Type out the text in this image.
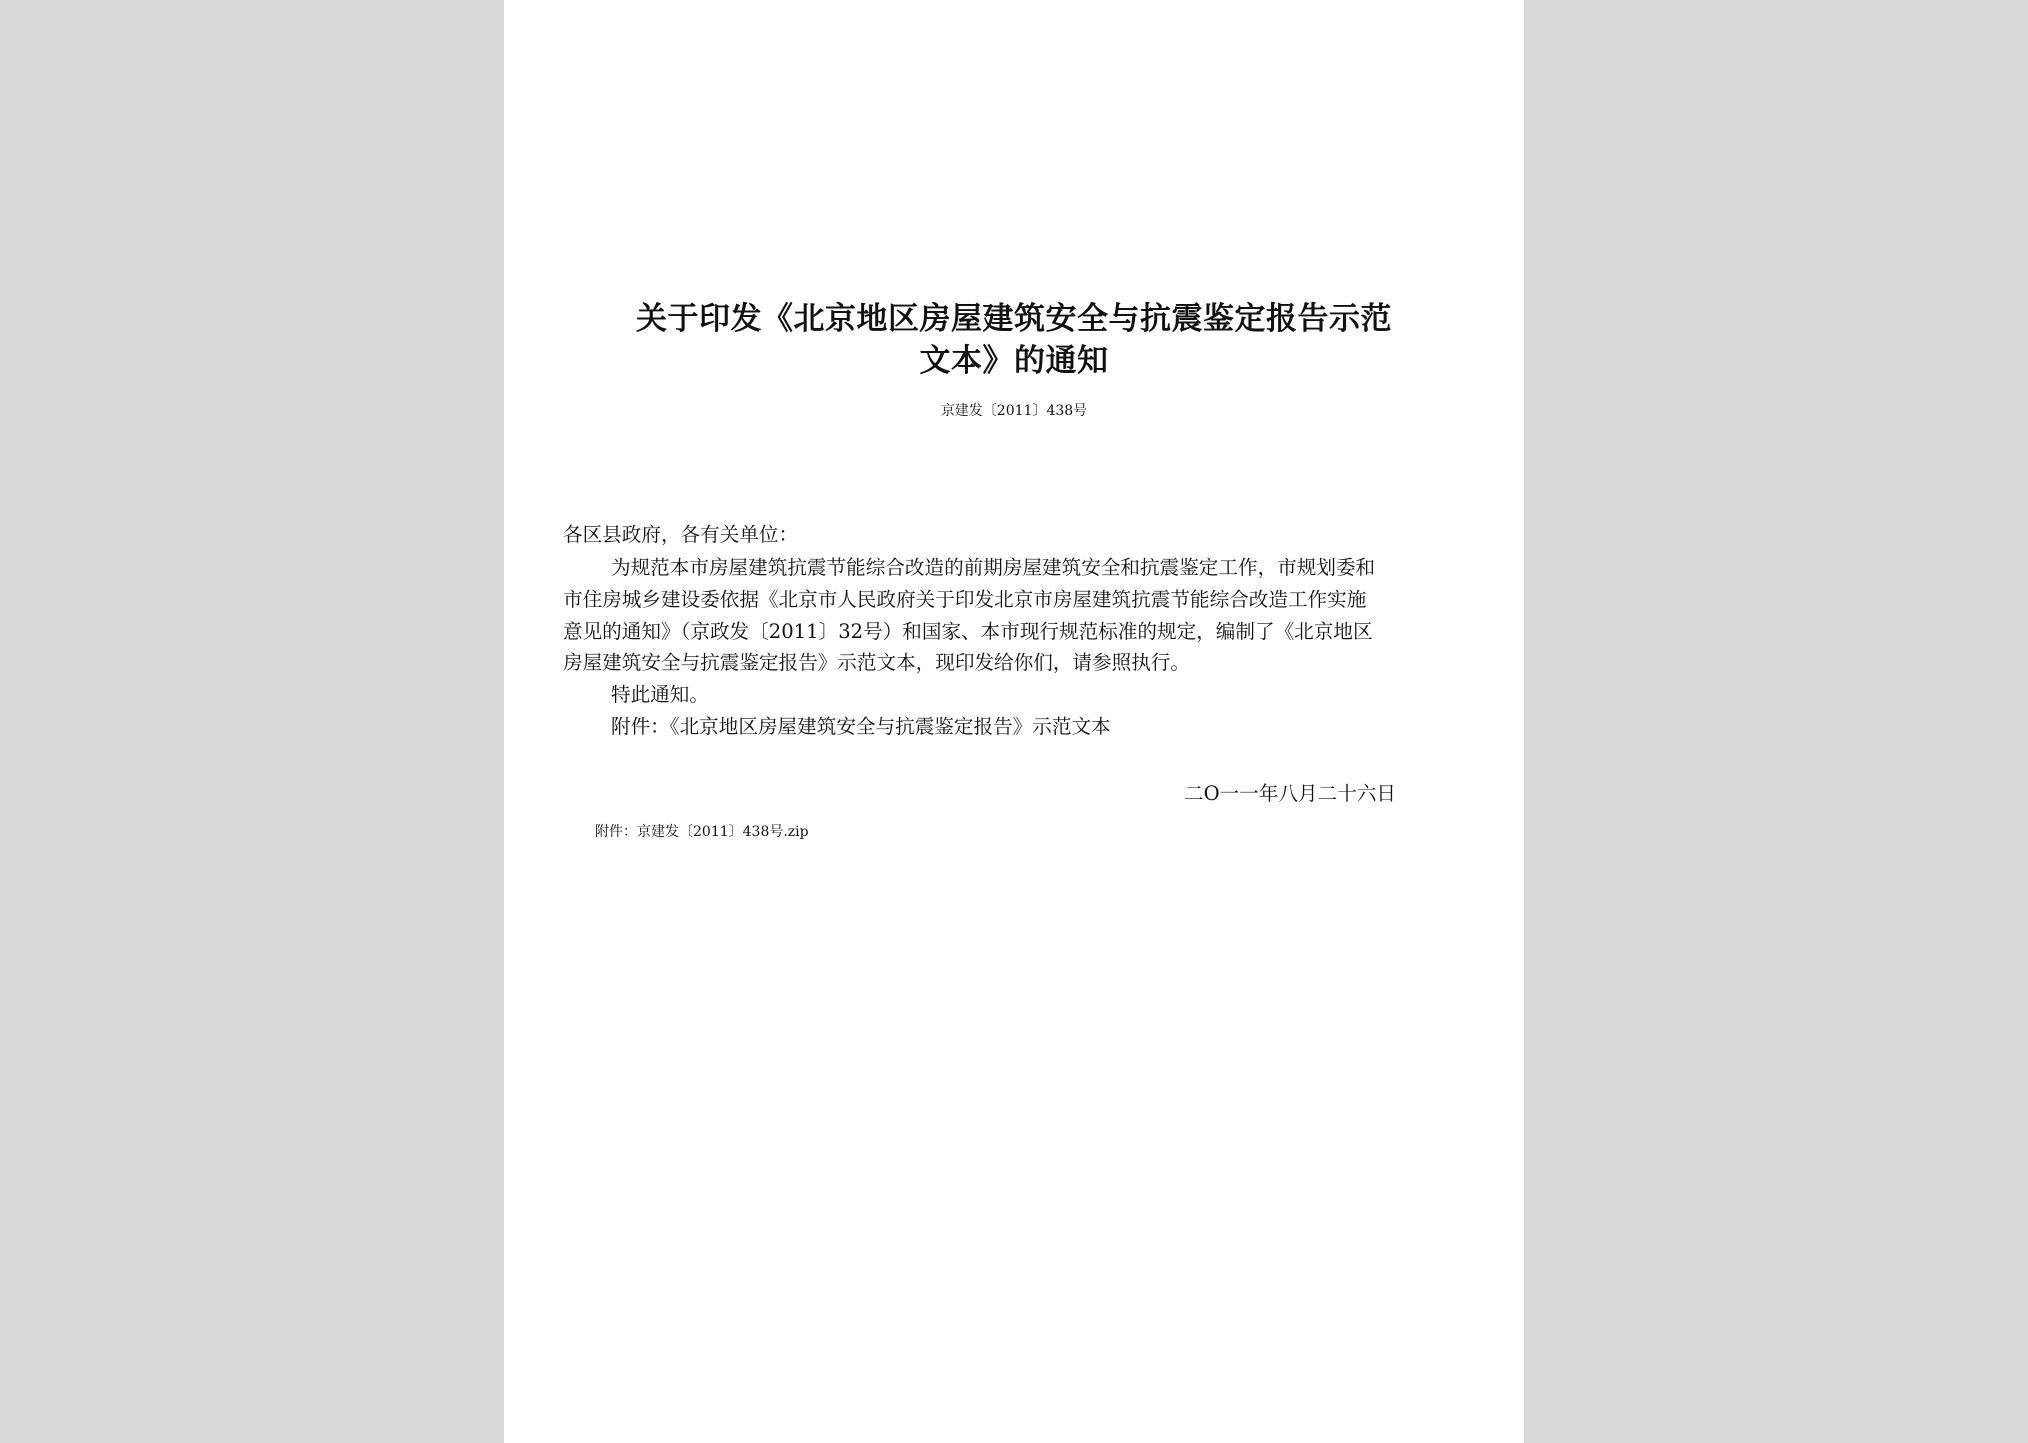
关于印发《北京地区房屋建筑安全与抗震鉴定报告示范
文本》的通知
京建发〔2011〕438号
各区县政府，各有关单位：
为规范本市房屋建筑抗震节能综合改造的前期房屋建筑安全和抗震鉴定工作，市规划委和
市住房城乡建设委依据《北京市人民政府关于印发北京市房屋建筑抗震节能综合改造工作实施
意见的通知》（京政发〔2011〕32号）和国家、本市现行规范标准的规定，编制了《北京地区
房屋建筑安全与抗震鉴定报告》示范文本，现印发给你们，请参照执行。
特此通知。
附件：《北京地区房屋建筑安全与抗震鉴定报告》示范文本
二O一一年八月二十六日
附件：京建发〔2011〕438号.zip
